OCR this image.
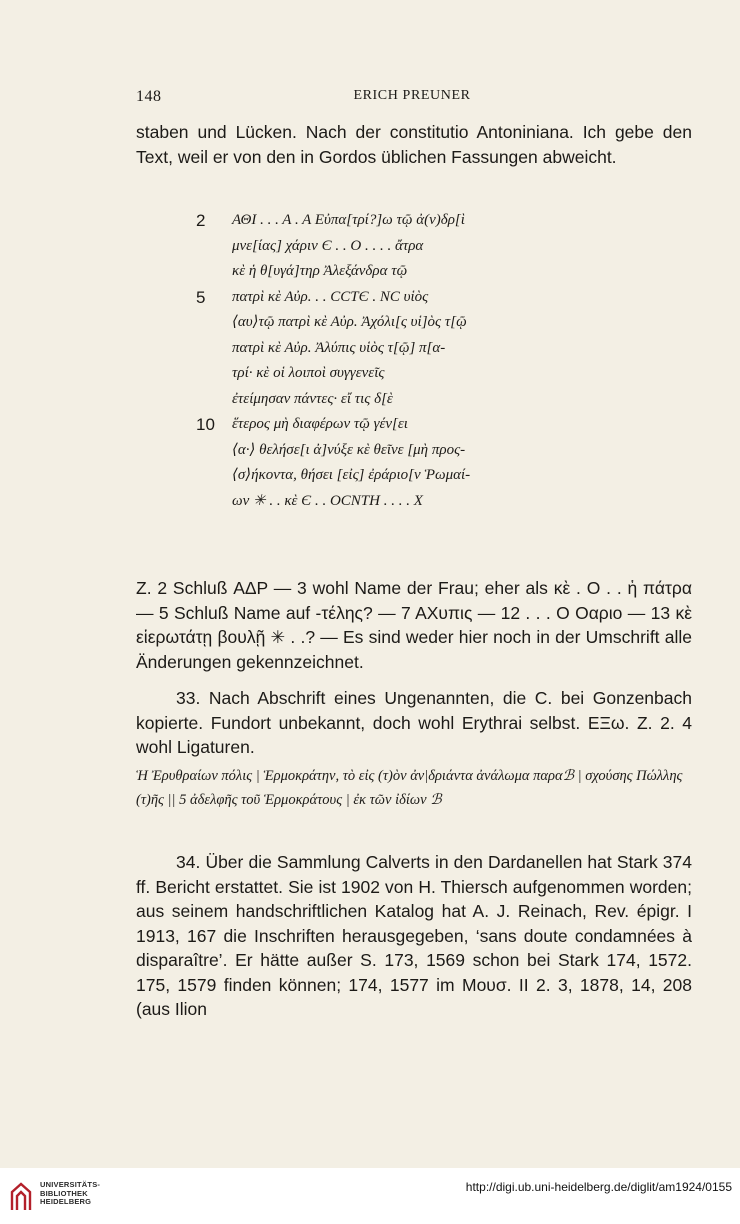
148	ERICH PREUNER
staben und Lücken. Nach der constitutio Antoniniana. Ich gebe den Text, weil er von den in Gordos üblichen Fassungen abweicht.
2	ΑΘΙ . . . Α . Α Εὐπα[τρί?]ω τῷ ἀ(ν)δρ[ὶ
μνε[ίας] χάριν Є . . Ο . . . . ἄτρα
κὲ ἡ θ[υγά]τηρ Ἀλεξάνδρα τῷ
5	πατρὶ κὲ Αὐρ. . . CCTЄ . NC υἱὸς
⟨αυ⟩τῷ πατρὶ κὲ Αὐρ. Ἀχόλι[ς υἱ]ὸς τ[ῷ
πατρὶ κὲ Αὐρ. Ἀλύπις υἱὸς τ[ῷ] π[α-
τρί· κὲ οἱ λοιποὶ συγγενεῖς
ἐτείμησαν πάντες· εἴ τις δ[ὲ
10 ἕτερος μὴ διαφέρων τῷ γέν[ει
⟨α·⟩ θελήσε[ι ἀ]νύξε κὲ θεῖνε [μὴ προς-
⟨σ⟩ήκοντα, θήσει [εἰς] ἐράριο[ν Ῥωμαί-
ων ✳ . . κὲ Є . . ΟCΝΤΗ . . . . Χ
Z. 2 Schluß ΑΔΡ — 3 wohl Name der Frau; eher als κὲ . Ο . . ἡ πάτρα — 5 Schluß Name auf -τέλης? — 7 ΑΧυπις — 12 . . . Ο Οαριο — 13 κὲ εἱερωτάτῃ βουλῇ ✳ . .? — Es sind weder hier noch in der Umschrift alle Änderungen gekennzeichnet.
33. Nach Abschrift eines Ungenannten, die C. bei Gonzenbach kopierte. Fundort unbekannt, doch wohl Erythrai selbst. ΕΞω. Z. 2. 4 wohl Ligaturen.
Ἡ Ἐρυθραίων πόλις | Ἑρμοκράτην, τὸ εἰς (τ)ὸν ἀν|δριάντα ἀνάλωμα παραℬ | σχούσης Πώλλης (τ)ῆς || 5 ἀδελφῆς τοῦ Ἑρμοκράτους | ἐκ τῶν ἰδίων ℬ
34. Über die Sammlung Calverts in den Dardanellen hat Stark 374 ff. Bericht erstattet. Sie ist 1902 von H. Thiersch aufgenommen worden; aus seinem handschriftlichen Katalog hat A. J. Reinach, Rev. épigr. I 1913, 167 die Inschriften herausgegeben, ‘sans doute condamnées à disparaître’. Er hätte außer S. 173, 1569 schon bei Stark 174, 1572. 175, 1579 finden können; 174, 1577 im Μουσ. II 2. 3, 1878, 14, 208 (aus Ilion
UNIVERSITÄTS-
BIBLIOTHEK
HEIDELBERG
http://digi.ub.uni-heidelberg.de/diglit/am1924/0155
